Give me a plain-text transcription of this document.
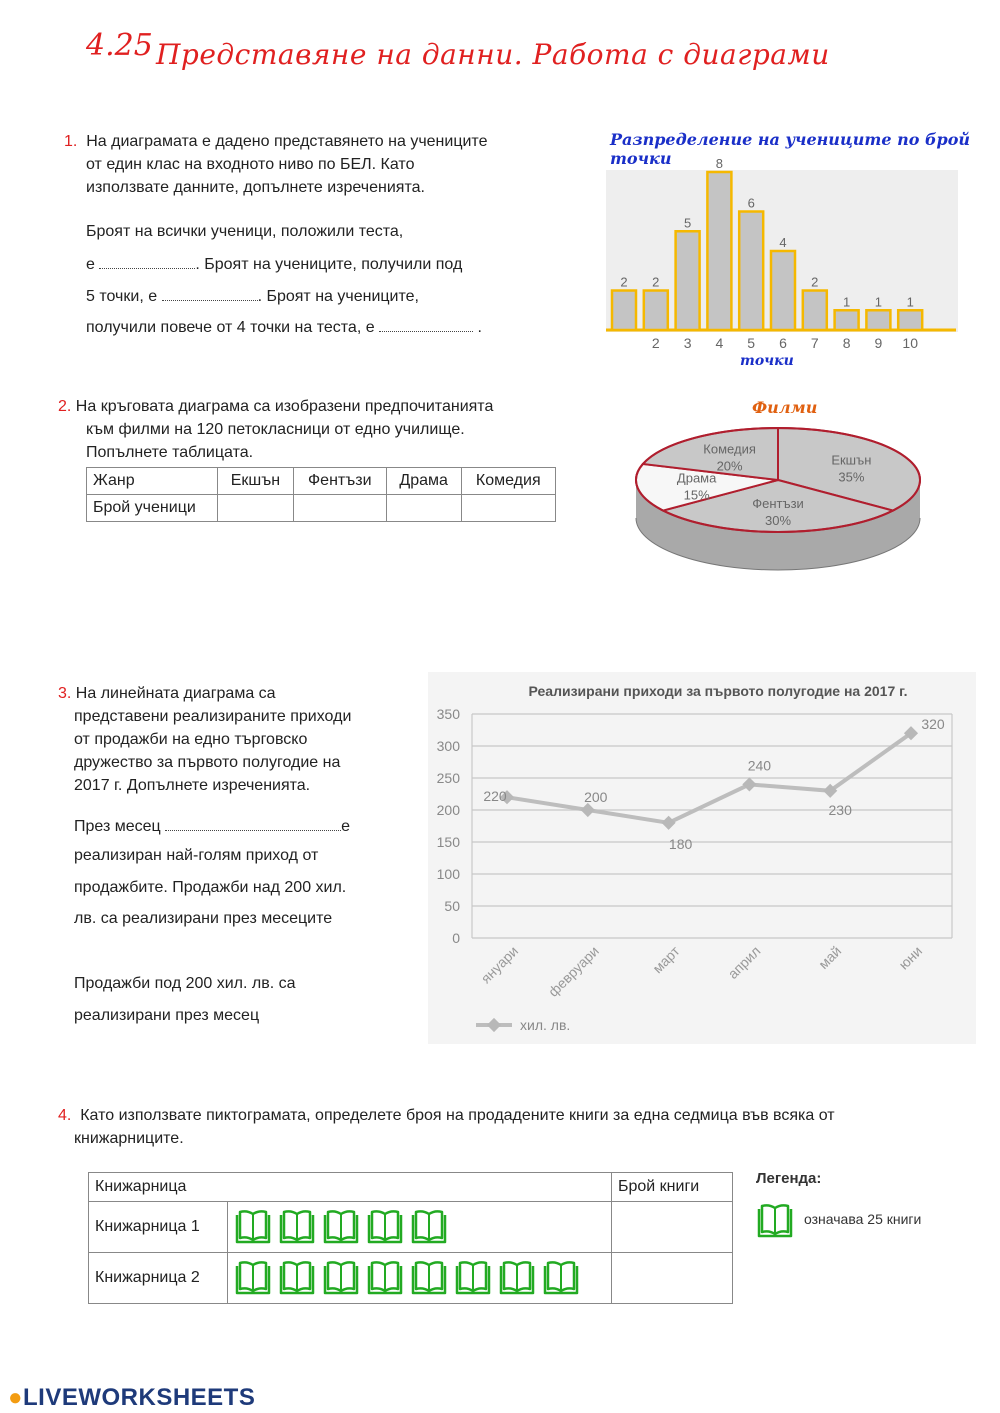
4.25 Представяне на данни. Работа с диаграми
1. На диаграмата е дадено представянето на учениците
от един клас на входното ниво по БЕЛ. Като
използвате данните, допълнете изреченията.
Броят на всички ученици, положили теста,
е	. Броят на учениците, получили под
5 точки, е	. Броят на учениците,
получили повече от 4 точки на теста, е	.
Разпределение на учениците по брой точки
2 2
2
5
3
8
4
6
5
4
6
2
7
1
8
1
9
1
10
точки
2. На кръговата диаграма са изобразени предпочитанията
към филми на 120 петокласници от едно училище.
Попълнете таблицата.
Жанр	Екшън	Фентъзи	Драма	Комедия
Брой ученици				
Филми
Екшън
35%
Фентъзи
30%
Драма
15%
Комедия
20%
3. На линейната диаграма са
представени реализираните приходи
от продажби на едно търговско
дружество за първото полугодие на
2017 г. Допълнете изреченията.
През месец	е
реализиран най-голям приход от
продажбите. Продажби над 200 хил.
лв. са реализирани през месеците
Продажби под 200 хил. лв. са
реализирани през месец
Реализирани приходи за първото полугодие на 2017 г.
0
50
100
150
200
250
300
350
януари февруари	март	април	май	юни
220	200
180
240
230
320
хил. лв.
4. Като използвате пиктограмата, определете броя на продадените книги за една седмица във всяка от
книжарниците.
Книжарница		Брой книги
Книжарница 1		
Книжарница 2		
Легенда:
означава 25 книги
●LIVEWORKSHEETS
